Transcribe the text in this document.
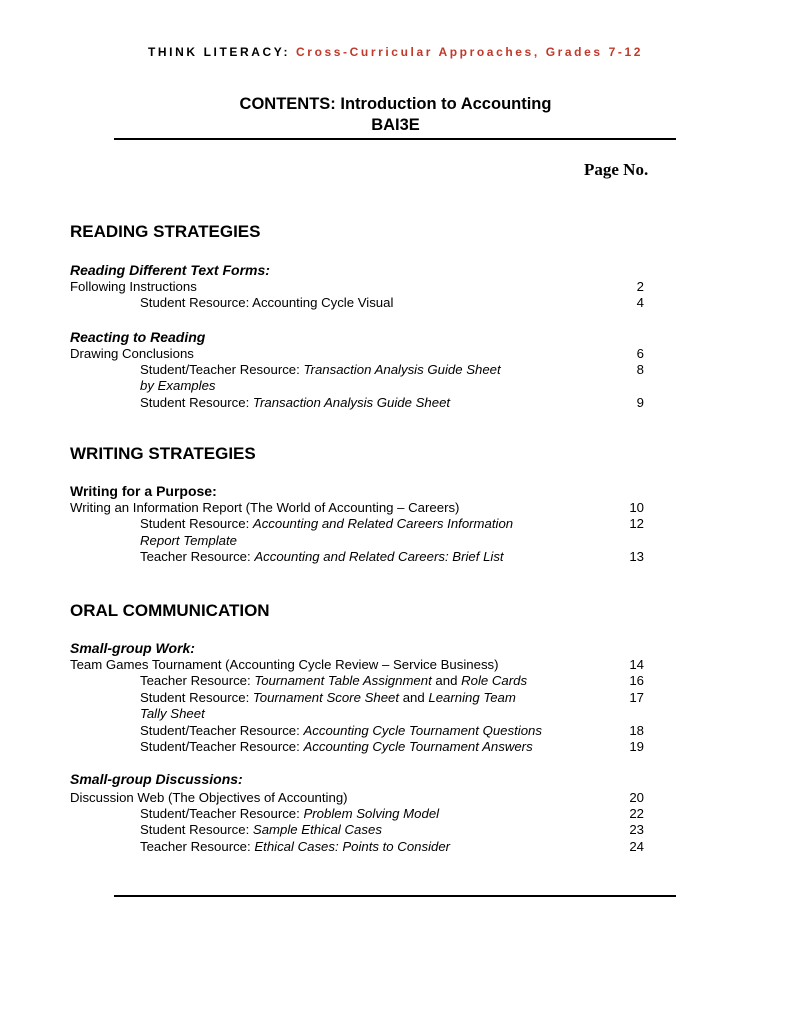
THINK LITERACY: Cross-Curricular Approaches, Grades 7-12
CONTENTS: Introduction to Accounting
BAI3E
Page No.
READING STRATEGIES
Reading Different Text Forms:
Following Instructions	2
Student Resource: Accounting Cycle Visual	4
Reacting to Reading
Drawing Conclusions	6
Student/Teacher Resource: Transaction Analysis Guide Sheet	8
by Examples
Student Resource: Transaction Analysis Guide Sheet	9
WRITING STRATEGIES
Writing for a Purpose:
Writing an Information Report (The World of Accounting – Careers)	10
Student Resource: Accounting and Related Careers Information	12
Report Template
Teacher Resource: Accounting and Related Careers: Brief List	13
ORAL COMMUNICATION
Small-group Work:
Team Games Tournament (Accounting Cycle Review – Service Business)	14
Teacher Resource: Tournament Table Assignment and Role Cards	16
Student Resource: Tournament Score Sheet and Learning Team	17
Tally Sheet
Student/Teacher Resource: Accounting Cycle Tournament Questions	18
Student/Teacher Resource: Accounting Cycle Tournament Answers	19
Small-group Discussions:
Discussion Web (The Objectives of Accounting)	20
Student/Teacher Resource: Problem Solving Model	22
Student Resource: Sample Ethical Cases	23
Teacher Resource: Ethical Cases: Points to Consider	24
